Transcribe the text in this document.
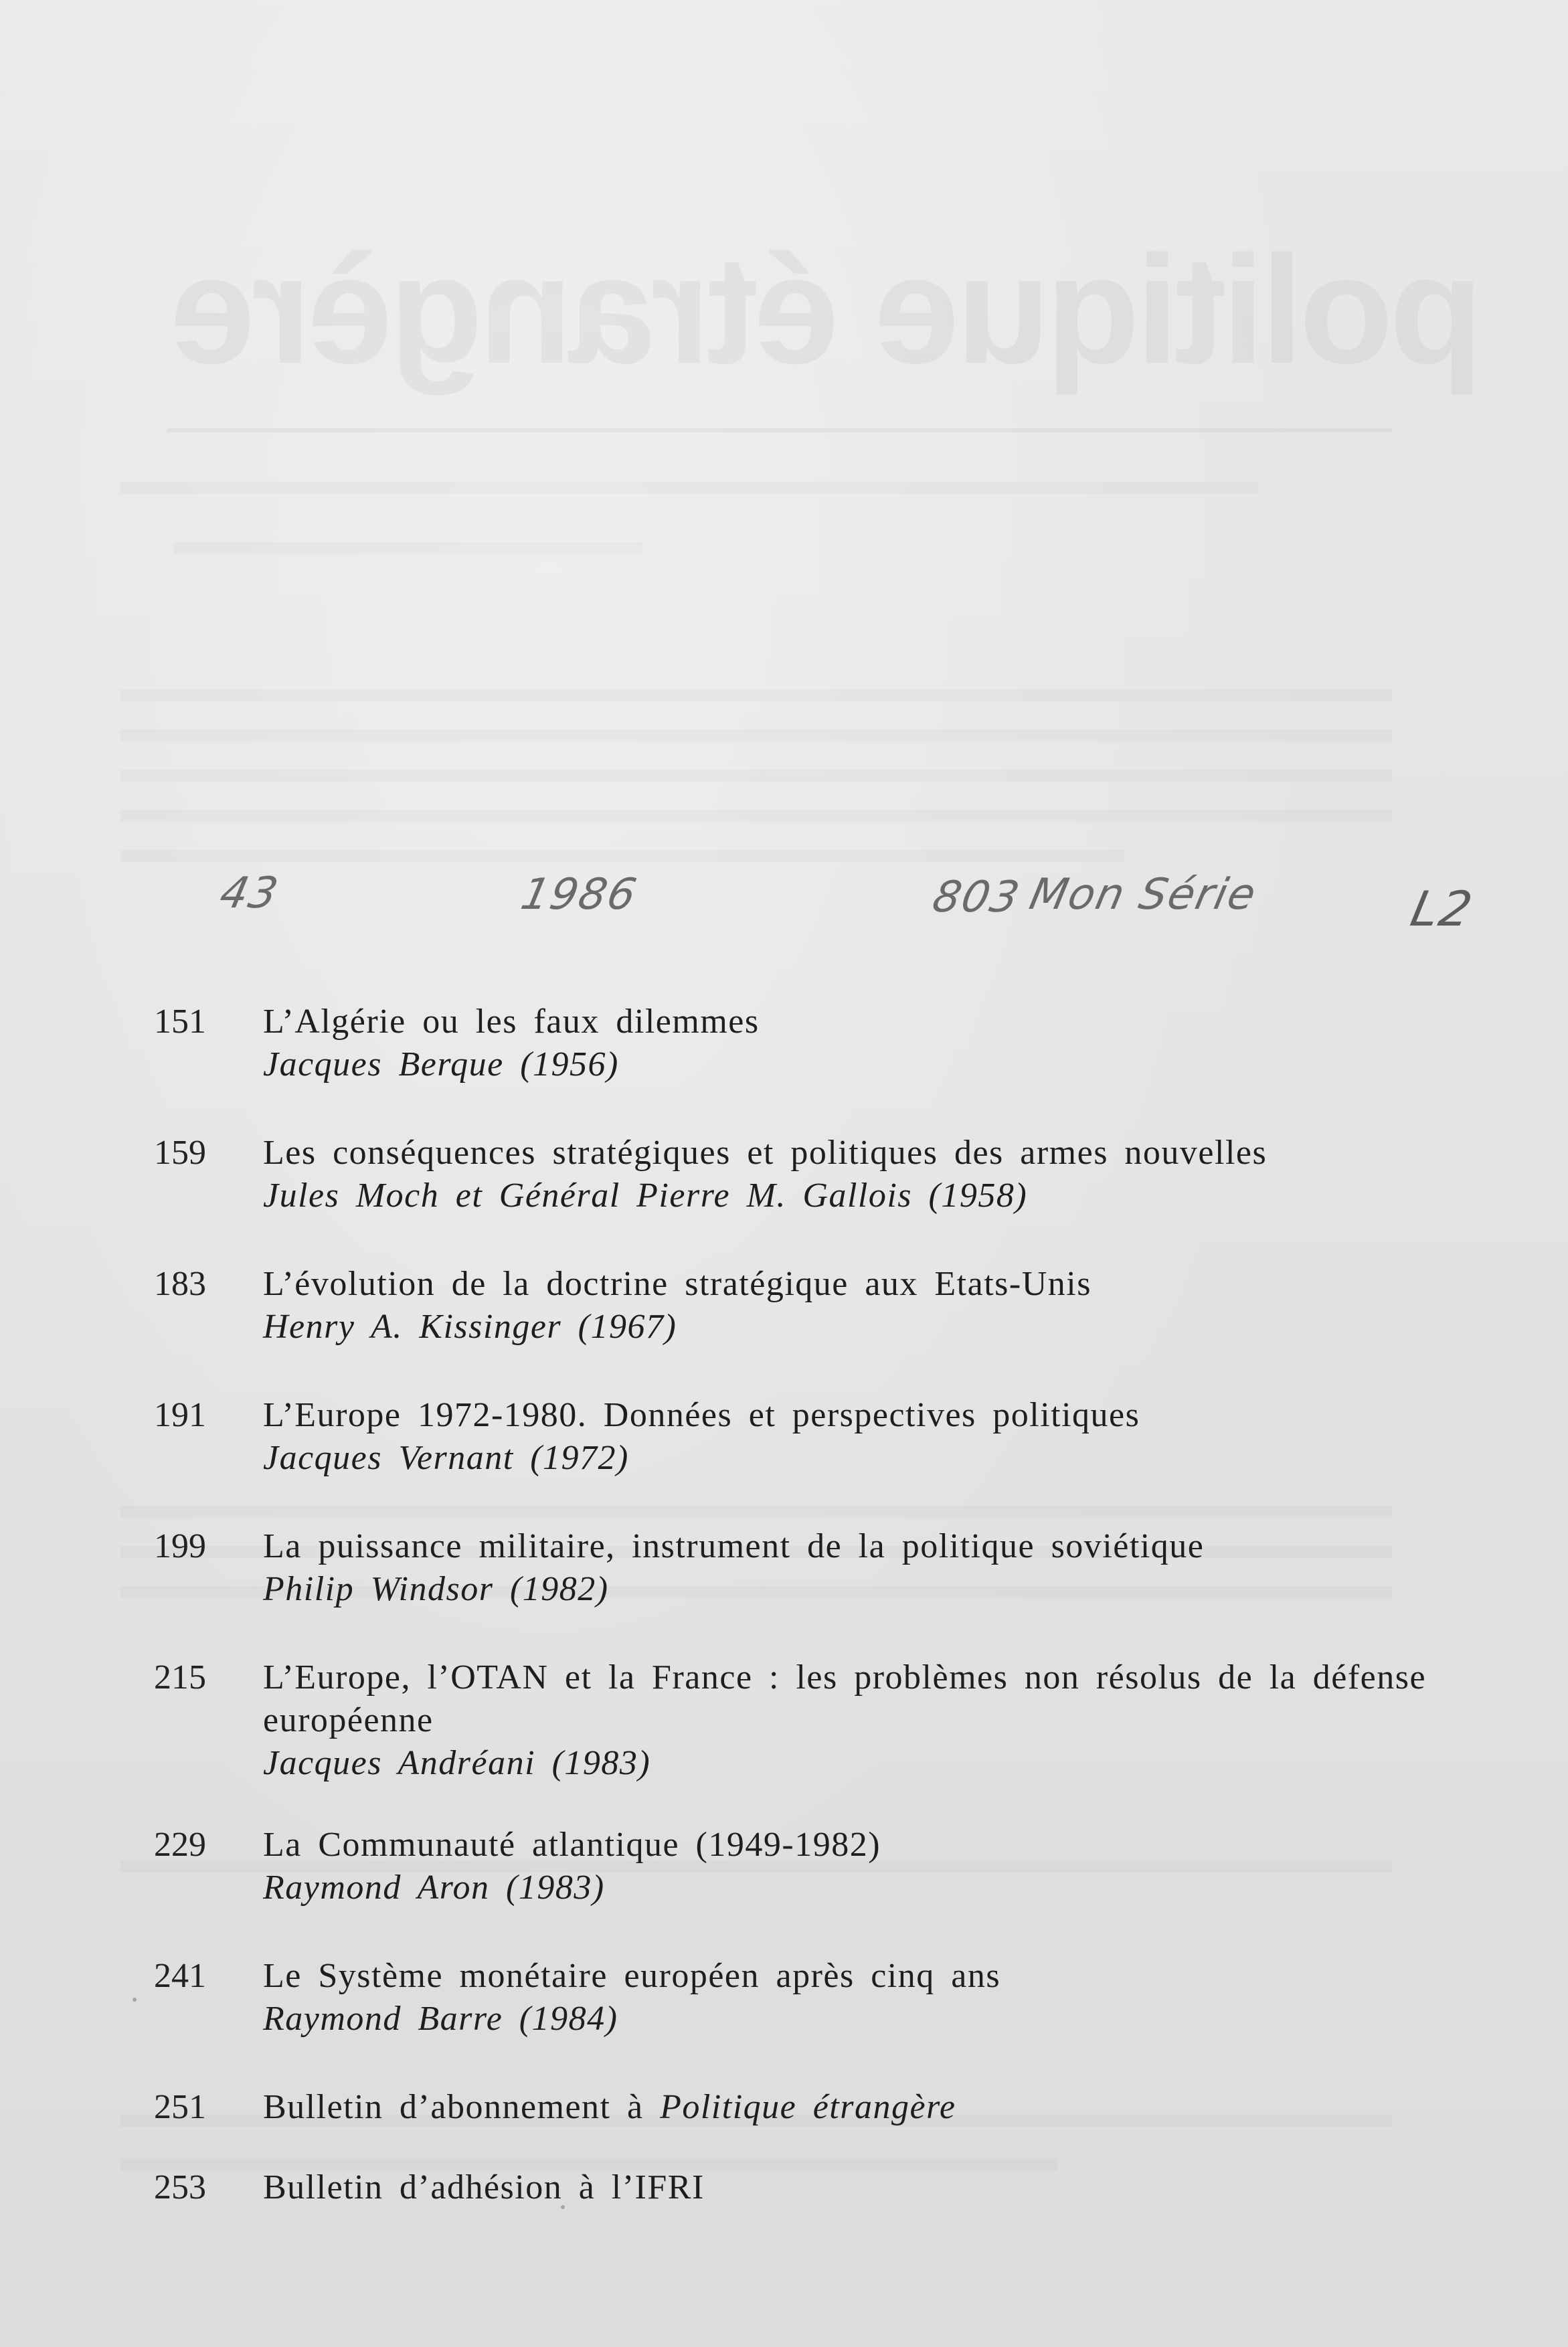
43	1986	803 Mon Série	L2
151	L’Algérie ou les faux dilemmes
Jacques Berque (1956)
159	Les conséquences stratégiques et politiques des armes nouvelles
Jules Moch et Général Pierre M. Gallois (1958)
183	L’évolution de la doctrine stratégique aux Etats-Unis
Henry A. Kissinger (1967)
191	L’Europe 1972-1980. Données et perspectives politiques
Jacques Vernant (1972)
199	La puissance militaire, instrument de la politique soviétique
Philip Windsor (1982)
215	L’Europe, l’OTAN et la France : les problèmes non résolus de la défense européenne
Jacques Andréani (1983)
229	La Communauté atlantique (1949-1982)
Raymond Aron (1983)
241	Le Système monétaire européen après cinq ans
Raymond Barre (1984)
251	Bulletin d’abonnement à Politique étrangère
253	Bulletin d’adhésion à l’IFRI
